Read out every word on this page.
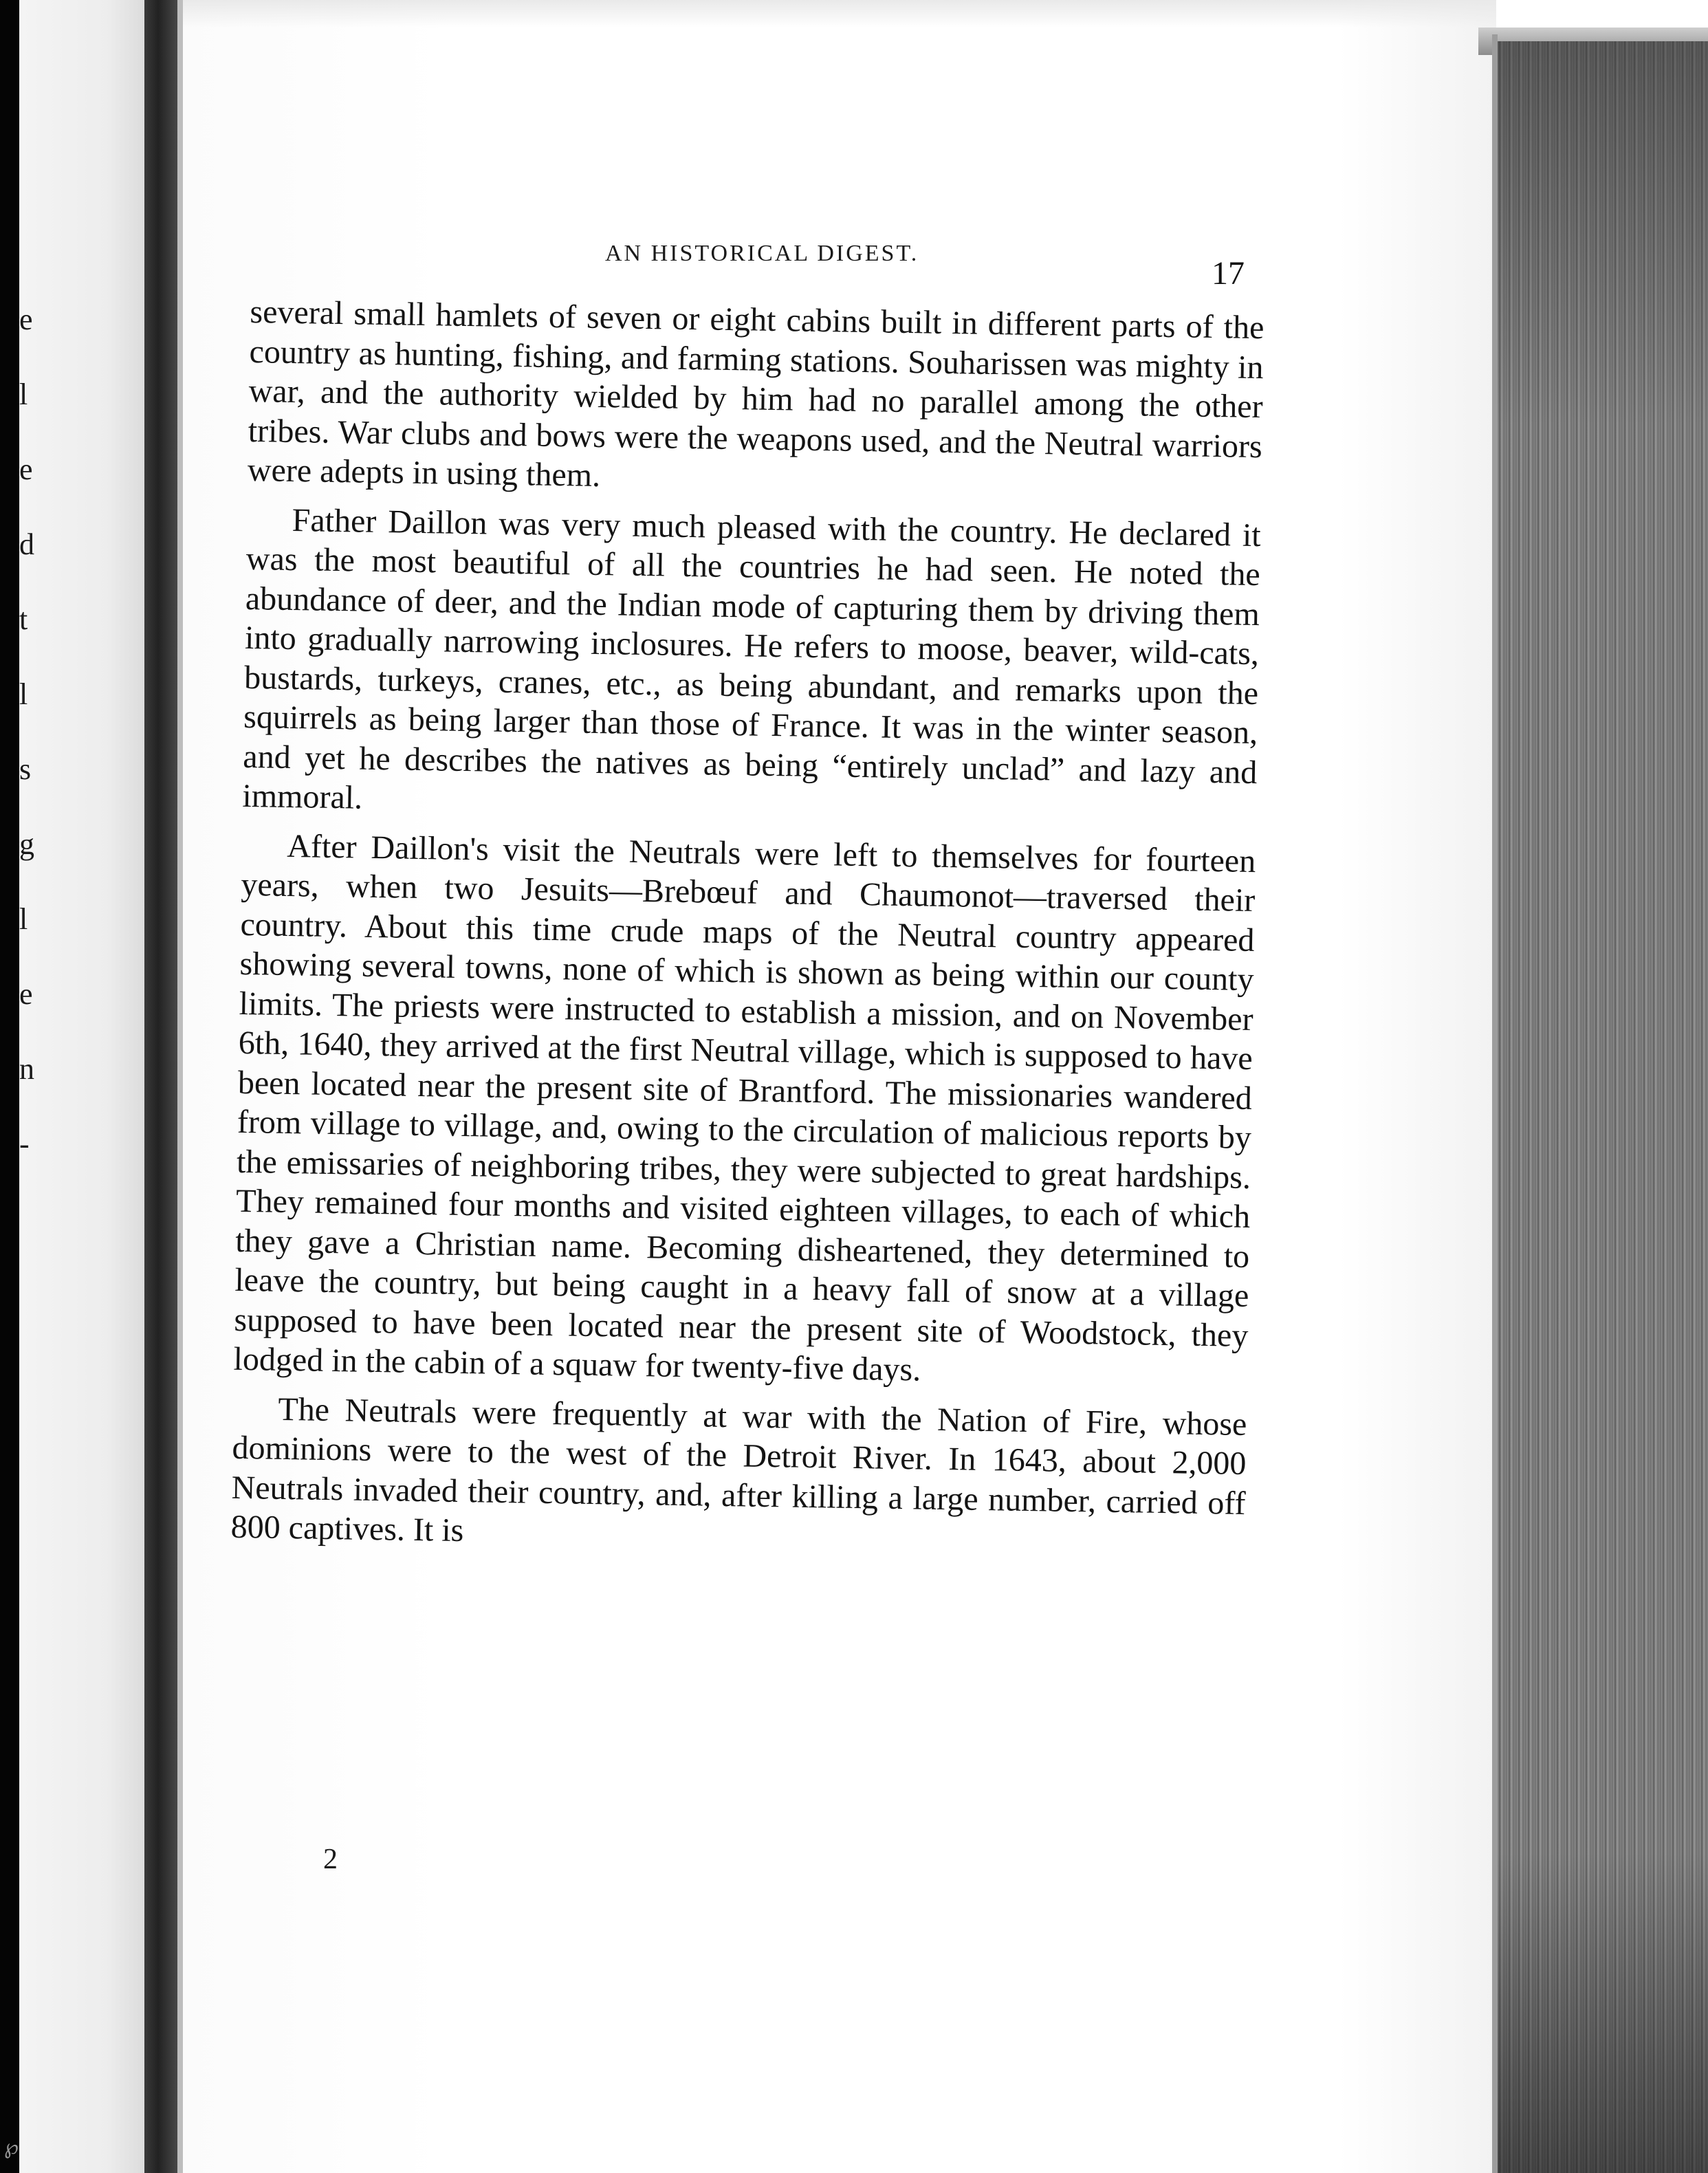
e
l
e
d
t
l
s
g
l
e
n
-
AN HISTORICAL DIGEST.
17

several small hamlets of seven or eight cabins built in different parts of the country as hunting, fishing, and farming stations. Souharissen was mighty in war, and the authority wielded by him had no parallel among the other tribes. War clubs and bows were the weapons used, and the Neutral warriors were adepts in using them.

Father Daillon was very much pleased with the country. He declared it was the most beautiful of all the countries he had seen. He noted the abundance of deer, and the Indian mode of capturing them by driving them into gradually narrowing inclosures. He refers to moose, beaver, wild-cats, bustards, turkeys, cranes, etc., as being abundant, and remarks upon the squirrels as being larger than those of France. It was in the winter season, and yet he describes the natives as being “entirely unclad” and lazy and immoral.

After Daillon's visit the Neutrals were left to themselves for fourteen years, when two Jesuits—Brebœuf and Chaumonot—traversed their country. About this time crude maps of the Neutral country appeared showing several towns, none of which is shown as being within our county limits. The priests were instructed to establish a mission, and on November 6th, 1640, they arrived at the first Neutral village, which is supposed to have been located near the present site of Brantford. The missionaries wandered from village to village, and, owing to the circulation of malicious reports by the emissaries of neighboring tribes, they were subjected to great hardships. They remained four months and visited eighteen villages, to each of which they gave a Christian name. Becoming disheartened, they determined to leave the country, but being caught in a heavy fall of snow at a village supposed to have been located near the present site of Woodstock, they lodged in the cabin of a squaw for twenty-five days.

The Neutrals were frequently at war with the Nation of Fire, whose dominions were to the west of the Detroit River. In 1643, about 2,000 Neutrals invaded their country, and, after killing a large number, carried off 800 captives. It is

2
℘
